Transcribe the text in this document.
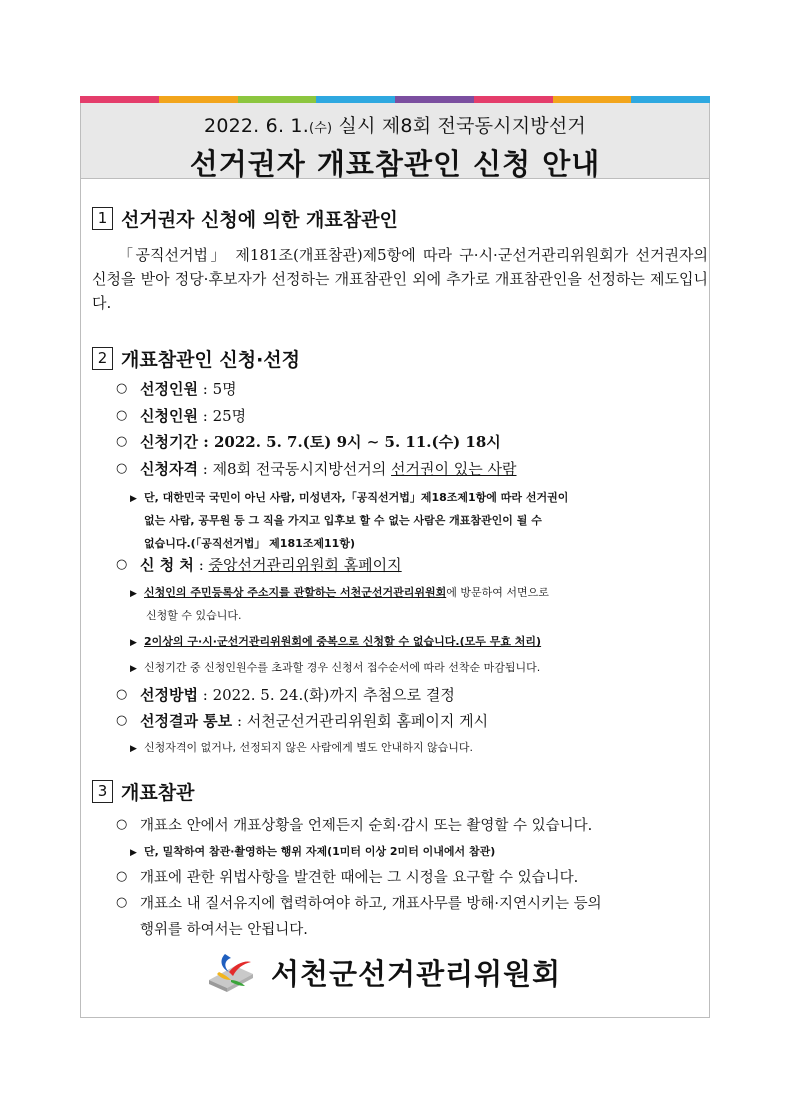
2022. 6. 1.(수) 실시 제8회 전국동시지방선거
선거권자 개표참관인 신청 안내
1 선거권자 신청에 의한 개표참관인
「공직선거법」 제181조(개표참관)제5항에 따라 구·시·군선거관리위원회가 선거권자의 신청을 받아 정당·후보자가 선정하는 개표참관인 외에 추가로 개표참관인을 선정하는 제도입니다.
2 개표참관인 신청·선정
○ 선정인원 : 5명
○ 신청인원 : 25명
○ 신청기간 : 2022. 5. 7.(토) 9시 ∼ 5. 11.(수) 18시
○ 신청자격 : 제8회 전국동시지방선거의 선거권이 있는 사람
▶ 단, 대한민국 국민이 아닌 사람, 미성년자,「공직선거법」제18조제1항에 따라 선거권이
없는 사람, 공무원 등 그 직을 가지고 입후보 할 수 없는 사람은 개표참관인이 될 수
없습니다.(「공직선거법」 제181조제11항)
○ 신 청 처 : 중앙선거관리위원회 홈페이지
▶ 신청인의 주민등록상 주소지를 관할하는 서천군선거관리위원회에 방문하여 서면으로
신청할 수 있습니다.
▶ 2이상의 구·시·군선거관리위원회에 중복으로 신청할 수 없습니다.(모두 무효 처리)
▶ 신청기간 중 신청인원수를 초과할 경우 신청서 접수순서에 따라 선착순 마감됩니다.
○ 선정방법 : 2022. 5. 24.(화)까지 추첨으로 결정
○ 선정결과 통보 : 서천군선거관리위원회 홈페이지 게시
▶ 신청자격이 없거나, 선정되지 않은 사람에게 별도 안내하지 않습니다.
3 개표참관
○ 개표소 안에서 개표상황을 언제든지 순회·감시 또는 촬영할 수 있습니다.
▶ 단, 밀착하여 참관·촬영하는 행위 자제(1미터 이상 2미터 이내에서 참관)
○ 개표에 관한 위법사항을 발견한 때에는 그 시정을 요구할 수 있습니다.
○ 개표소 내 질서유지에 협력하여야 하고, 개표사무를 방해·지연시키는 등의
행위를 하여서는 안됩니다.
서천군선거관리위원회
